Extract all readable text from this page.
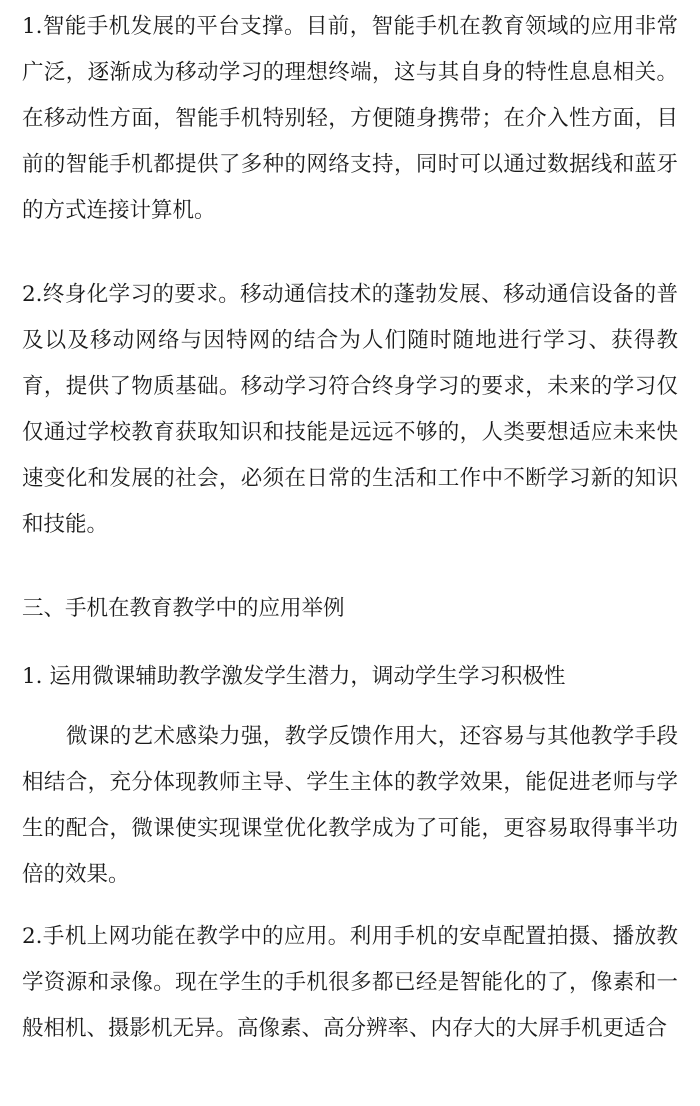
1.智能手机发展的平台支撑。目前，智能手机在教育领域的应用非常广泛，逐渐成为移动学习的理想终端，这与其自身的特性息息相关。在移动性方面，智能手机特别轻，方便随身携带；在介入性方面，目前的智能手机都提供了多种的网络支持，同时可以通过数据线和蓝牙的方式连接计算机。

2.终身化学习的要求。移动通信技术的蓬勃发展、移动通信设备的普及以及移动网络与因特网的结合为人们随时随地进行学习、获得教育，提供了物质基础。移动学习符合终身学习的要求，未来的学习仅仅通过学校教育获取知识和技能是远远不够的，人类要想适应未来快速变化和发展的社会，必须在日常的生活和工作中不断学习新的知识和技能。

三、手机在教育教学中的应用举例

1. 运用微课辅助教学激发学生潜力，调动学生学习积极性

微课的艺术感染力强，教学反馈作用大，还容易与其他教学手段相结合，充分体现教师主导、学生主体的教学效果，能促进老师与学生的配合，微课使实现课堂优化教学成为了可能，更容易取得事半功倍的效果。

2.手机上网功能在教学中的应用。利用手机的安卓配置拍摄、播放教学资源和录像。现在学生的手机很多都已经是智能化的了，像素和一般相机、摄影机无异。高像素、高分辨率、内存大的大屏手机更适合
